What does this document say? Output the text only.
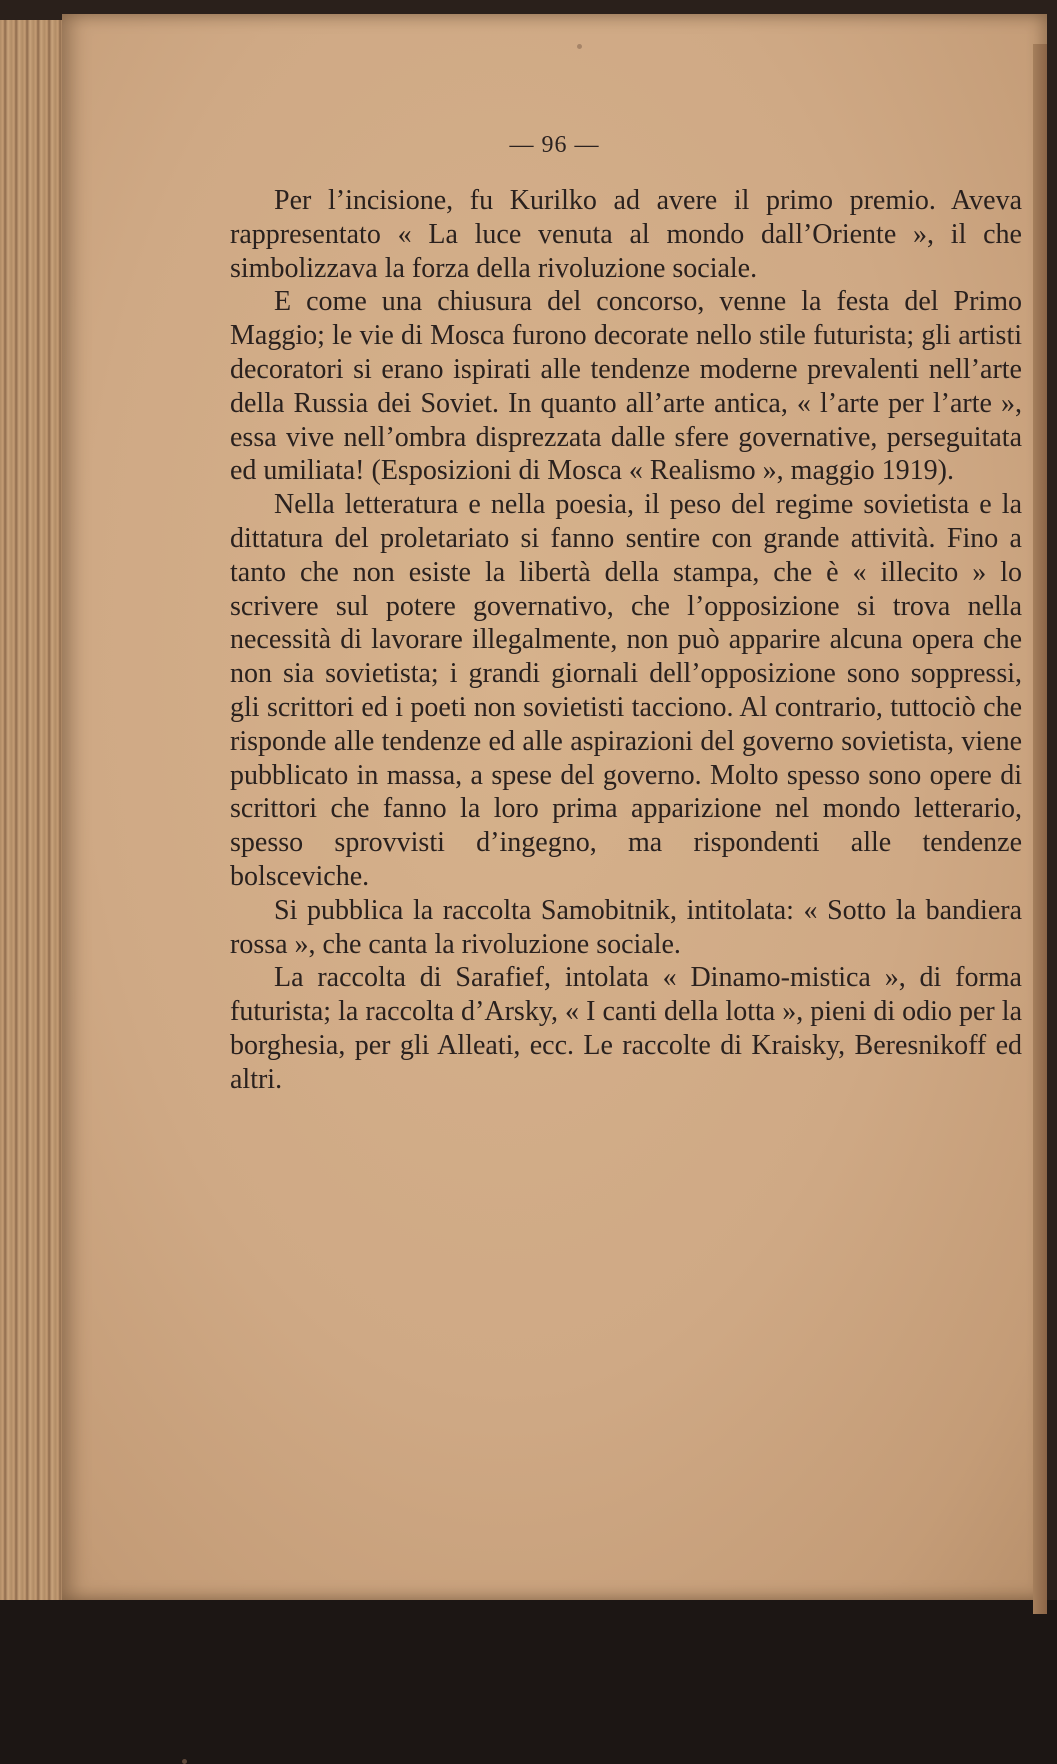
— 96 —

Per l’incisione, fu Kurilko ad avere il primo premio. Aveva rappresentato « La luce venuta al mondo dall’Oriente », il che simbolizzava la forza della rivoluzione sociale.

E come una chiusura del concorso, venne la festa del Primo Maggio; le vie di Mosca furono decorate nello stile futurista; gli artisti decoratori si erano ispirati alle tendenze moderne prevalenti nell’arte della Russia dei Soviet. In quanto all’arte antica, « l’arte per l’arte », essa vive nell’ombra disprezzata dalle sfere governative, perseguitata ed umiliata! (Esposizioni di Mosca « Realismo », maggio 1919).

Nella letteratura e nella poesia, il peso del regime sovietista e la dittatura del proletariato si fanno sentire con grande attività. Fino a tanto che non esiste la libertà della stampa, che è « illecito » lo scrivere sul potere governativo, che l’opposizione si trova nella necessità di lavorare illegalmente, non può apparire alcuna opera che non sia sovietista; i grandi giornali dell’opposizione sono soppressi, gli scrittori ed i poeti non sovietisti tacciono. Al contrario, tuttociò che risponde alle tendenze ed alle aspirazioni del governo sovietista, viene pubblicato in massa, a spese del governo. Molto spesso sono opere di scrittori che fanno la loro prima apparizione nel mondo letterario, spesso sprovvisti d’ingegno, ma rispondenti alle tendenze bolsceviche.

Si pubblica la raccolta Samobitnik, intitolata: « Sotto la bandiera rossa », che canta la rivoluzione sociale.

La raccolta di Sarafief, intolata « Dinamo-mistica », di forma futurista; la raccolta d’Arsky, « I canti della lotta », pieni di odio per la borghesia, per gli Alleati, ecc. Le raccolte di Kraisky, Beresnikoff ed altri.
